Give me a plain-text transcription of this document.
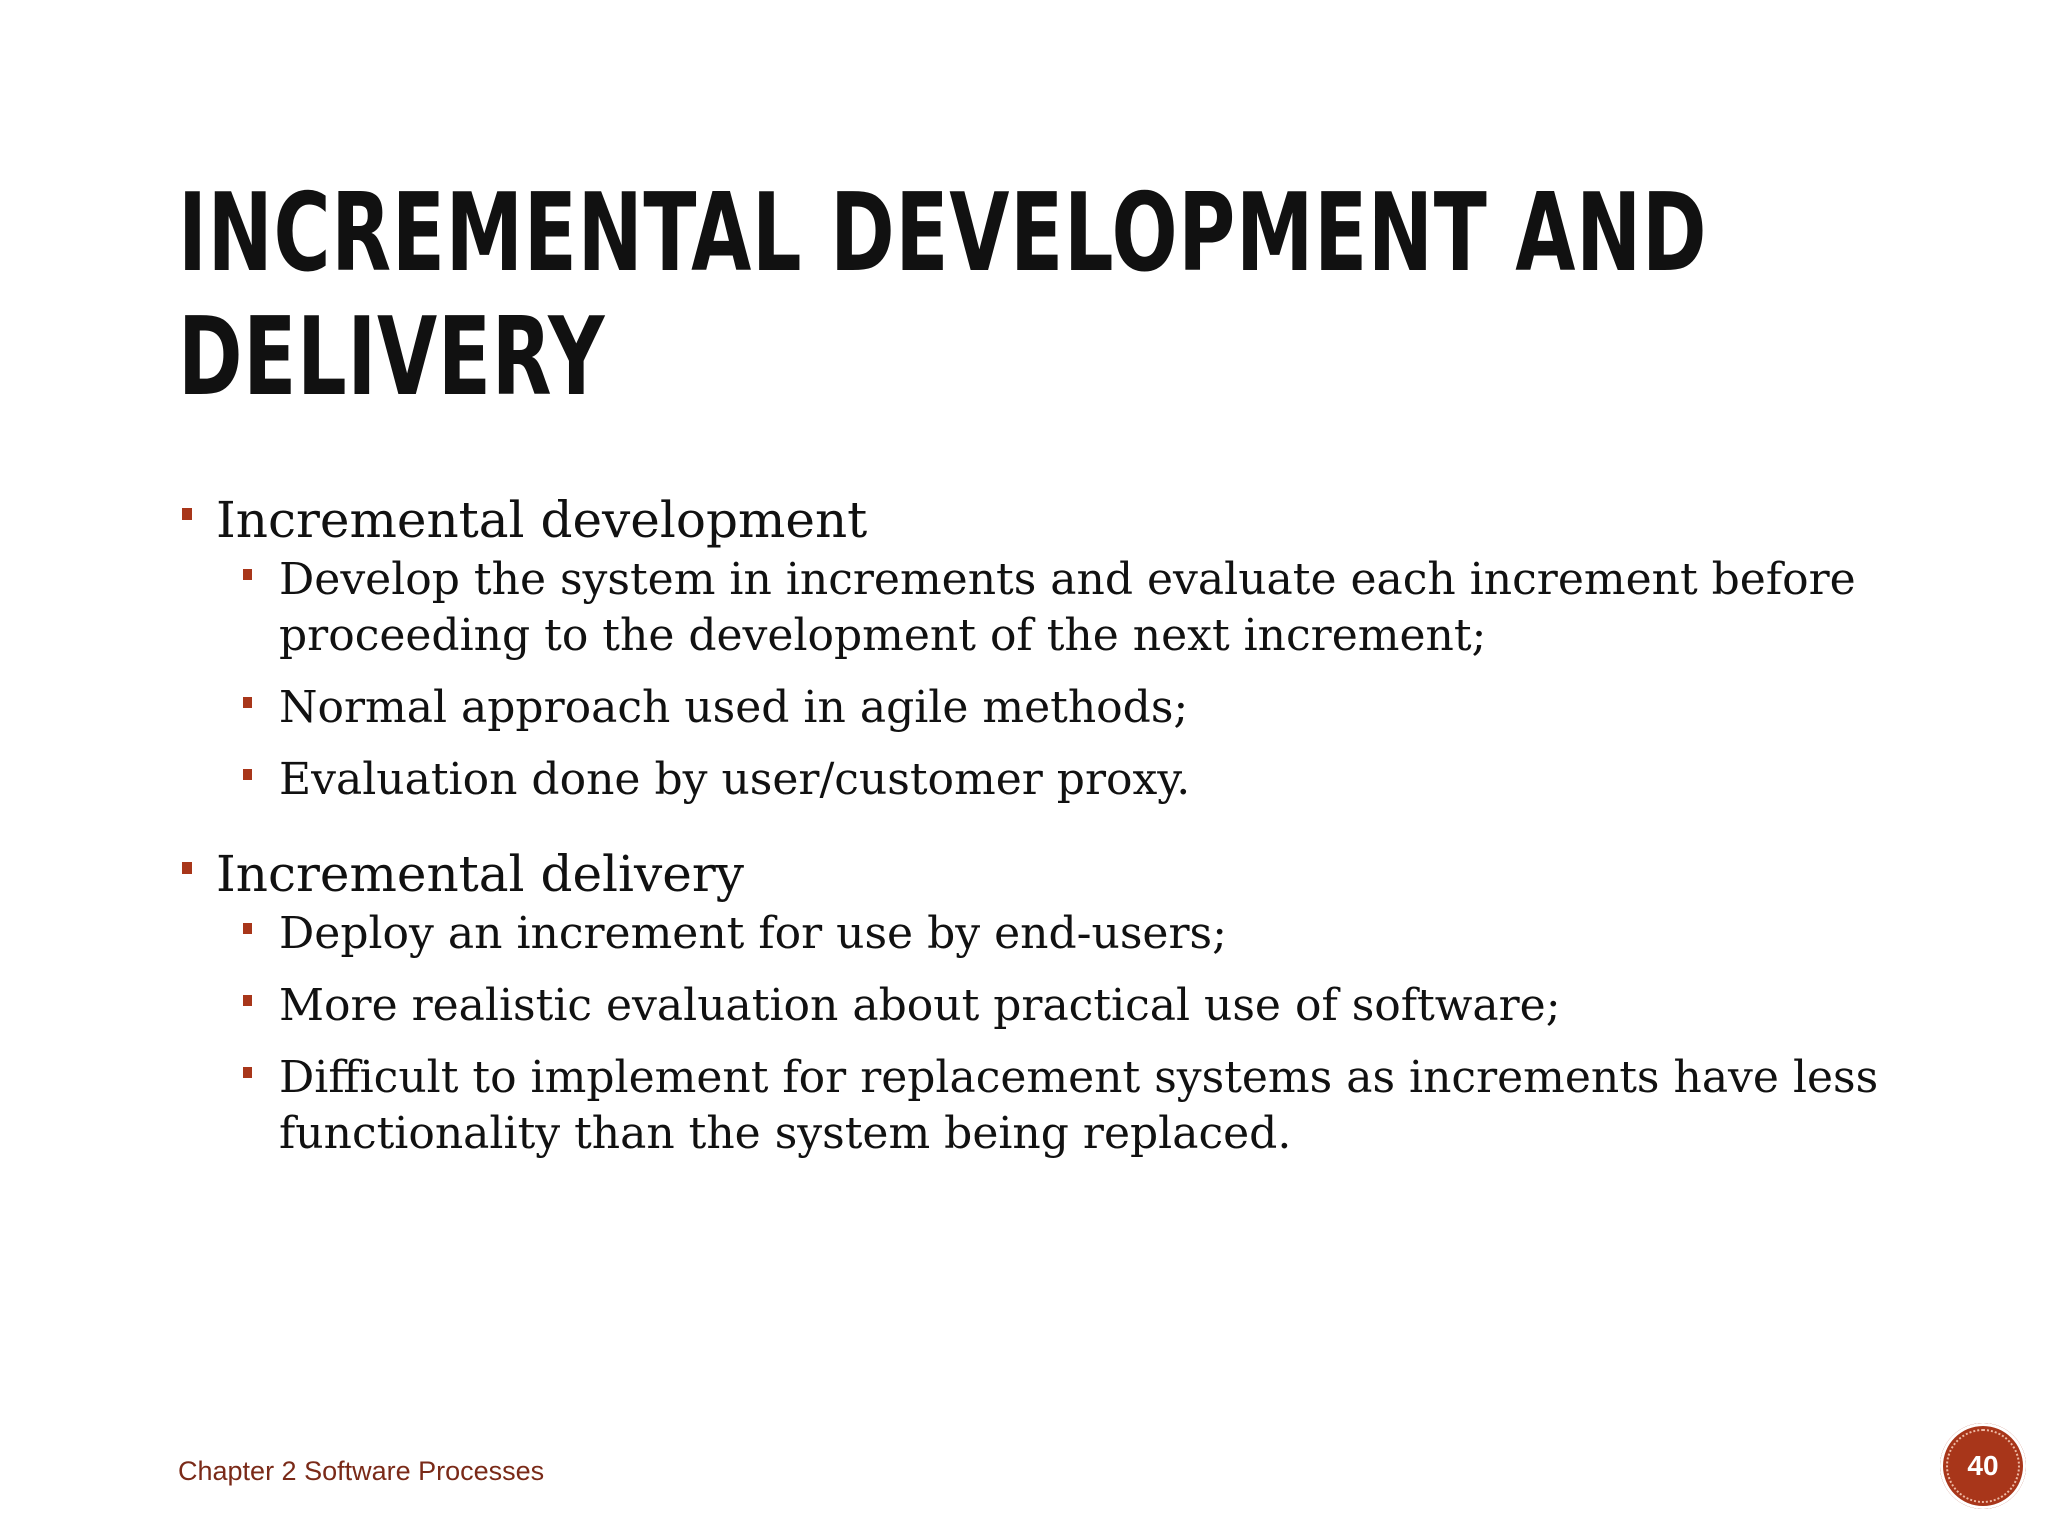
INCREMENTAL DEVELOPMENT AND
DELIVERY
Incremental development
Develop the system in increments and evaluate each increment before proceeding to the development of the next increment;
Normal approach used in agile methods;
Evaluation done by user/customer proxy.
Incremental delivery
Deploy an increment for use by end-users;
More realistic evaluation about practical use of software;
Difficult to implement for replacement systems as increments have less functionality than the system being replaced.
Chapter 2 Software Processes	40
